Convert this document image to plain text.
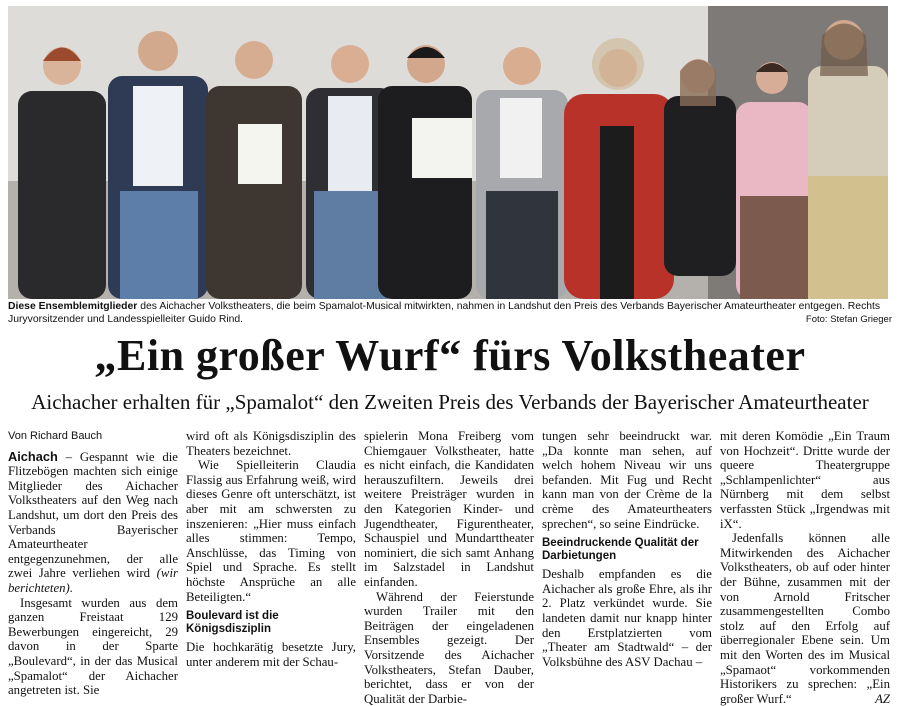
Diese Ensemblemitglieder des Aichacher Volkstheaters, die beim Spamalot-Musical mitwirkten, nahmen in Landshut den Preis des Verbands Bayerischer Amateurtheater entgegen. Rechts Juryvorsitzender und Landesspielleiter Guido Rind.	Foto: Stefan Grieger
„Ein großer Wurf“ fürs Volkstheater
Aichacher erhalten für „Spamalot“ den Zweiten Preis des Verbands der Bayerischer Amateurtheater

Von Richard Bauch

Aichach – Gespannt wie die Flitzebögen machten sich einige Mitglieder des Aichacher Volkstheaters auf den Weg nach Landshut, um dort den Preis des Verbands Bayerischer Amateurtheater entgegenzunehmen, der alle zwei Jahre verliehen wird (wir berichteten).

Insgesamt wurden aus dem ganzen Freistaat 129 Bewerbungen eingereicht, 29 davon in der Sparte „Boulevard“, in der das Musical „Spamalot“ der Aichacher angetreten ist. Sie

wird oft als Königsdisziplin des Theaters bezeichnet.

Wie Spielleiterin Claudia Flassig aus Erfahrung weiß, wird dieses Genre oft unterschätzt, ist aber mit am schwersten zu inszenieren: „Hier muss einfach alles stimmen: Tempo, Anschlüsse, das Timing von Spiel und Sprache. Es stellt höchste Ansprüche an alle Beteiligten.“

Boulevard ist die Königsdisziplin

Die hochkarätig besetzte Jury, unter anderem mit der Schau-

spielerin Mona Freiberg vom Chiemgauer Volkstheater, hatte es nicht einfach, die Kandidaten herauszufiltern. Jeweils drei weitere Preisträger wurden in den Kategorien Kinder- und Jugendtheater, Figurentheater, Schauspiel und Mundarttheater nominiert, die sich samt Anhang im Salzstadel in Landshut einfanden.

Während der Feierstunde wurden Trailer mit den Beiträgen der eingeladenen Ensembles gezeigt. Der Vorsitzende des Aichacher Volkstheaters, Stefan Dauber, berichtet, dass er von der Qualität der Darbie-

tungen sehr beeindruckt war. „Da konnte man sehen, auf welch hohem Niveau wir uns befanden. Mit Fug und Recht kann man von der Crème de la crème des Amateurtheaters sprechen“, so seine Eindrücke.

Beeindruckende Qualität der Darbietungen

Deshalb empfanden es die Aichacher als große Ehre, als ihr 2. Platz verkündet wurde. Sie landeten damit nur knapp hinter den Erstplatzierten vom „Theater am Stadtwald“ – der Volksbühne des ASV Dachau –

mit deren Komödie „Ein Traum von Hochzeit“. Dritte wurde der queere Theatergruppe „Schlampenlichter“ aus Nürnberg mit dem selbst verfassten Stück „Irgendwas mit iX“.

Jedenfalls können alle Mitwirkenden des Aichacher Volkstheaters, ob auf oder hinter der Bühne, zusammen mit der von Arnold Fritscher zusammengestellten Combo stolz auf den Erfolg auf überregionaler Ebene sein. Um mit den Worten des im Musical „Spamaot“ vorkommenden Historikers zu sprechen: „Ein großer Wurf.“	AZ
